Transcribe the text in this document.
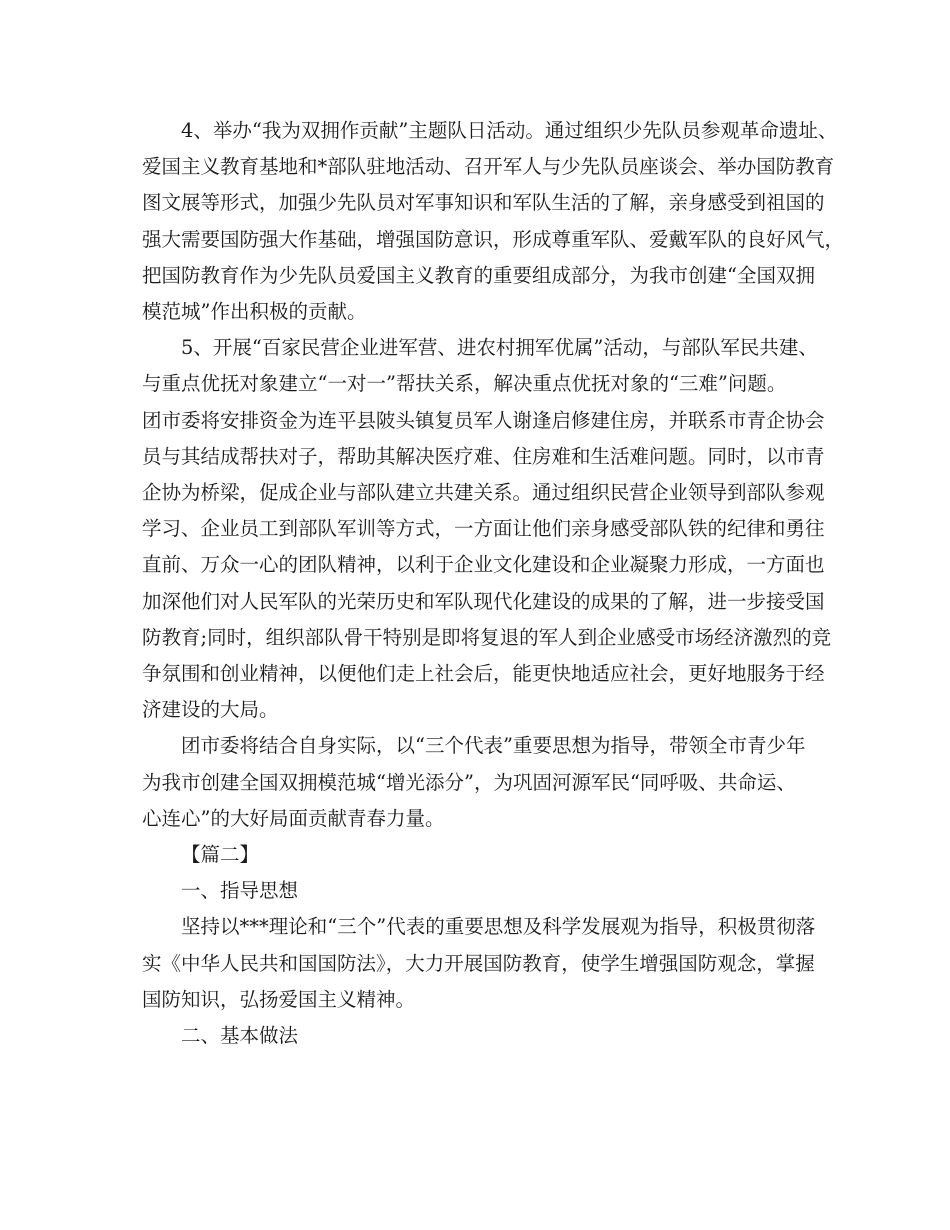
4、举办“我为双拥作贡献”主题队日活动。通过组织少先队员参观革命遗址、
爱国主义教育基地和*部队驻地活动、召开军人与少先队员座谈会、举办国防教育
图文展等形式，加强少先队员对军事知识和军队生活的了解，亲身感受到祖国的
强大需要国防强大作基础，增强国防意识，形成尊重军队、爱戴军队的良好风气，
把国防教育作为少先队员爱国主义教育的重要组成部分，为我市创建“全国双拥
模范城”作出积极的贡献。

5、开展“百家民营企业进军营、进农村拥军优属”活动，与部队军民共建、
与重点优抚对象建立“一对一”帮扶关系，解决重点优抚对象的“三难”问题。
团市委将安排资金为连平县陂头镇复员军人谢逢启修建住房，并联系市青企协会
员与其结成帮扶对子，帮助其解决医疗难、住房难和生活难问题。同时，以市青
企协为桥梁，促成企业与部队建立共建关系。通过组织民营企业领导到部队参观
学习、企业员工到部队军训等方式，一方面让他们亲身感受部队铁的纪律和勇往
直前、万众一心的团队精神，以利于企业文化建设和企业凝聚力形成，一方面也
加深他们对人民军队的光荣历史和军队现代化建设的成果的了解，进一步接受国
防教育;同时，组织部队骨干特别是即将复退的军人到企业感受市场经济激烈的竞
争氛围和创业精神，以便他们走上社会后，能更快地适应社会，更好地服务于经
济建设的大局。

团市委将结合自身实际，以“三个代表”重要思想为指导，带领全市青少年
为我市创建全国双拥模范城“增光添分”，为巩固河源军民“同呼吸、共命运、
心连心”的大好局面贡献青春力量。

【篇二】

一、指导思想

坚持以***理论和“三个”代表的重要思想及科学发展观为指导，积极贯彻落
实《中华人民共和国国防法》，大力开展国防教育，使学生增强国防观念，掌握
国防知识，弘扬爱国主义精神。

二、基本做法
